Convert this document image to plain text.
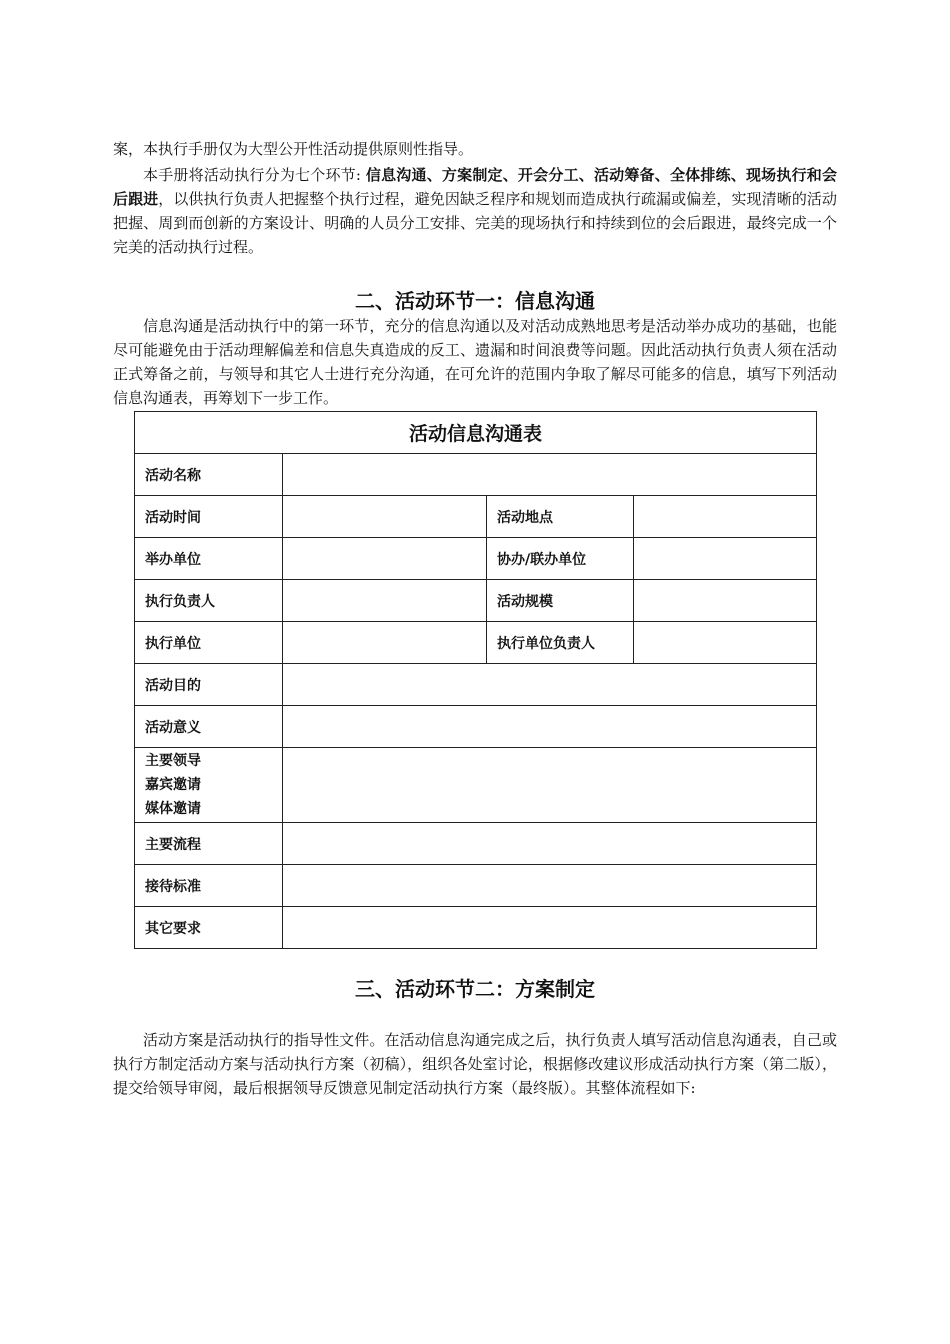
案，本执行手册仅为大型公开性活动提供原则性指导。

本手册将活动执行分为七个环节: 信息沟通、方案制定、开会分工、活动筹备、全体排练、现场执行和会后跟进，以供执行负责人把握整个执行过程，避免因缺乏程序和规划而造成执行疏漏或偏差，实现清晰的活动把握、周到而创新的方案设计、明确的人员分工安排、完美的现场执行和持续到位的会后跟进，最终完成一个完美的活动执行过程。

二、活动环节一：信息沟通

信息沟通是活动执行中的第一环节，充分的信息沟通以及对活动成熟地思考是活动举办成功的基础，也能尽可能避免由于活动理解偏差和信息失真造成的反工、遗漏和时间浪费等问题。因此活动执行负责人须在活动正式筹备之前，与领导和其它人士进行充分沟通，在可允许的范围内争取了解尽可能多的信息，填写下列活动信息沟通表，再筹划下一步工作。

活动信息沟通表			
活动名称			
活动时间		活动地点	
举办单位		协办/联办单位	
执行负责人		活动规模	
执行单位		执行单位负责人	
活动目的			
活动意义			
主要领导
嘉宾邀请
媒体邀请			
主要流程			
接待标准			
其它要求			
三、活动环节二：方案制定

活动方案是活动执行的指导性文件。在活动信息沟通完成之后，执行负责人填写活动信息沟通表，自己或执行方制定活动方案与活动执行方案（初稿），组织各处室讨论，根据修改建议形成活动执行方案（第二版），提交给领导审阅，最后根据领导反馈意见制定活动执行方案（最终版）。其整体流程如下:
